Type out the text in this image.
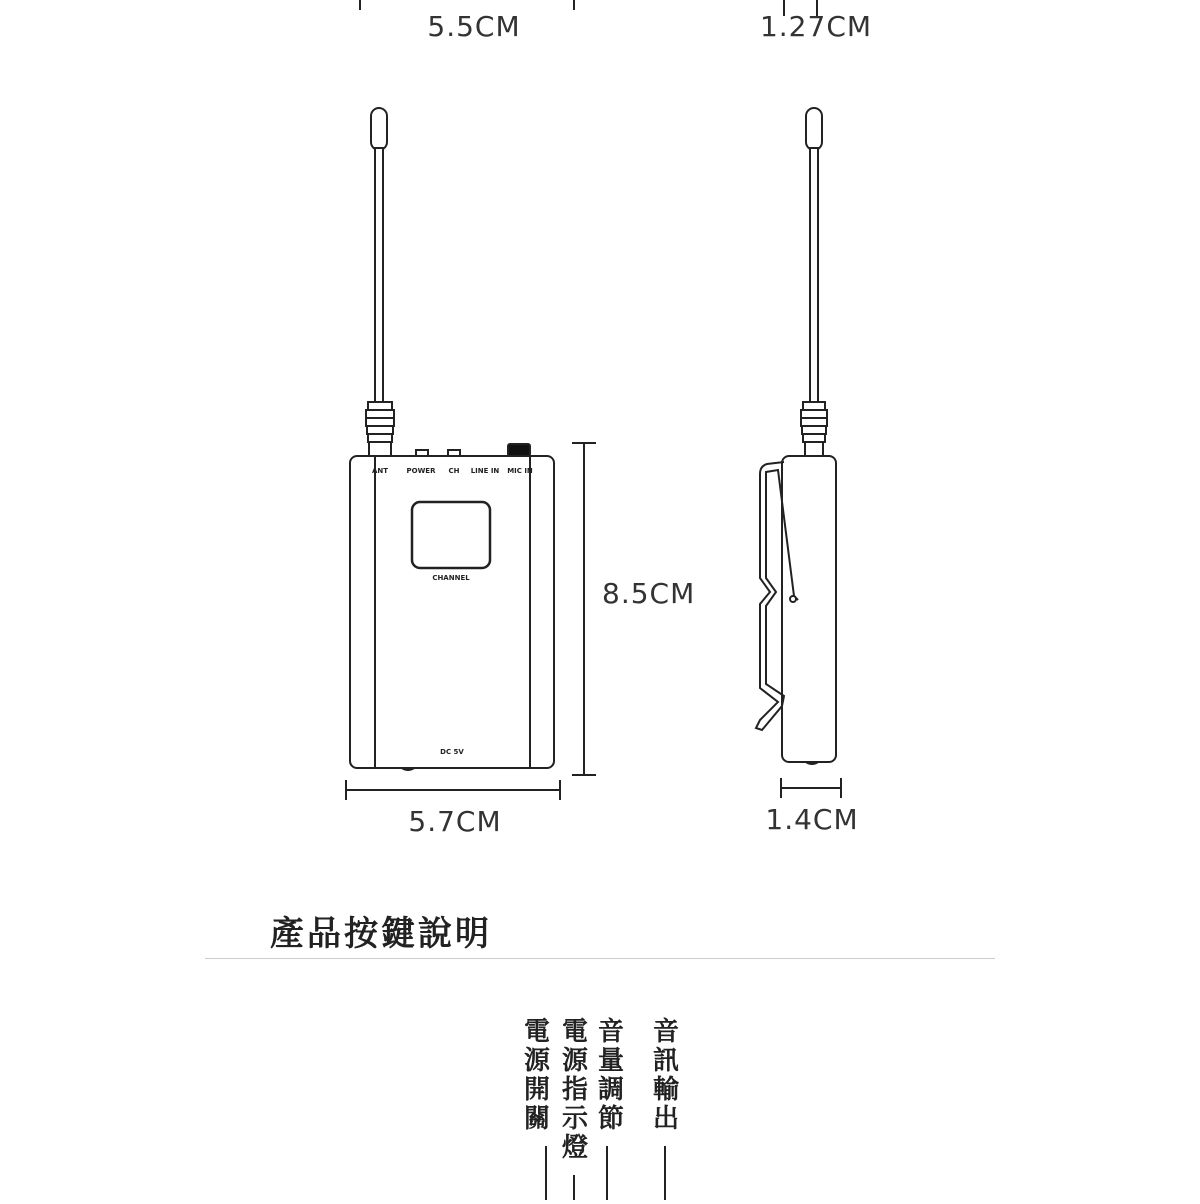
5.5CM	1.27CM
ANT	POWER CH LINE IN MIC IN
CHANNEL
DC 5V
8.5CM
5.7CM	1.4CM
產品按鍵說明
電源開關
電源指示燈
音量調節
音訊輸出
